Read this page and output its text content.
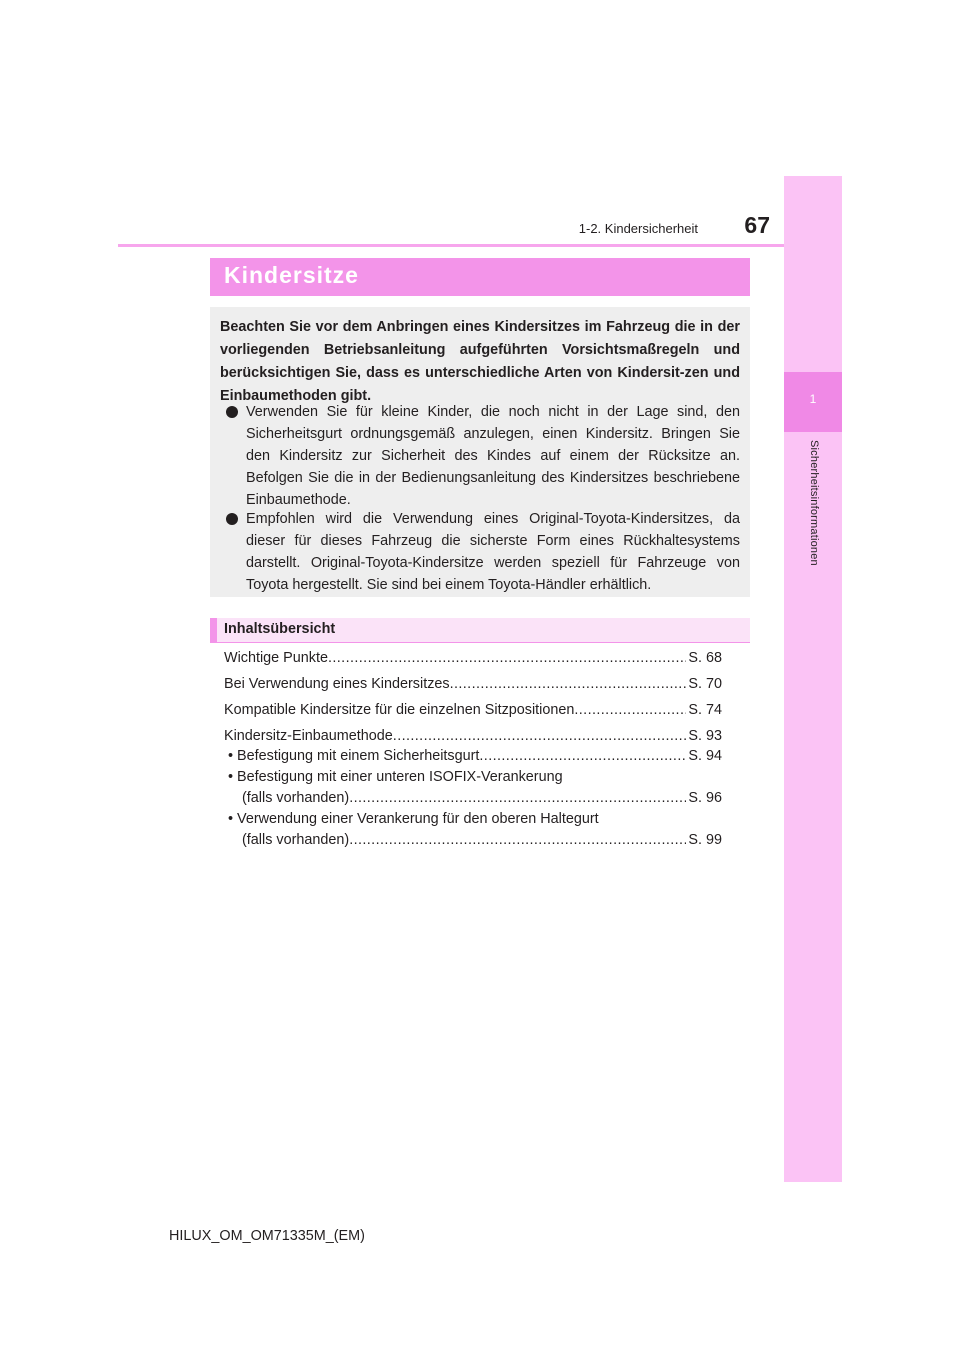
1
Sicherheitsinformationen
1-2. Kindersicherheit 67
Kindersitze
Beachten Sie vor dem Anbringen eines Kindersitzes im Fahrzeug die in der vorliegenden Betriebsanleitung aufgeführten Vorsichtsmaßregeln und berücksichtigen Sie, dass es unterschiedliche Arten von Kindersit-zen und Einbaumethoden gibt.
Verwenden Sie für kleine Kinder, die noch nicht in der Lage sind, den Sicherheitsgurt ordnungsgemäß anzulegen, einen Kindersitz. Bringen Sie den Kindersitz zur Sicherheit des Kindes auf einem der Rücksitze an. Befolgen Sie die in der Bedienungsanleitung des Kindersitzes beschriebene Einbaumethode.
Empfohlen wird die Verwendung eines Original-Toyota-Kindersitzes, da dieser für dieses Fahrzeug die sicherste Form eines Rückhaltesystems darstellt. Original-Toyota-Kindersitze werden speziell für Fahrzeuge von Toyota hergestellt. Sie sind bei einem Toyota-Händler erhältlich.
Inhaltsübersicht
Wichtige Punkte .....	S. 68
Bei Verwendung eines Kindersitzes .....	S. 70
Kompatible Kindersitze für die einzelnen Sitzpositionen .....	S. 74
Kindersitz-Einbaumethode .....	S. 93
• Befestigung mit einem Sicherheitsgurt .....	S. 94
• Befestigung mit einer unteren ISOFIX-Verankerung
(falls vorhanden) .....	S. 96
• Verwendung einer Verankerung für den oberen Haltegurt
(falls vorhanden) .....	S. 99
HILUX_OM_OM71335M_(EM)
